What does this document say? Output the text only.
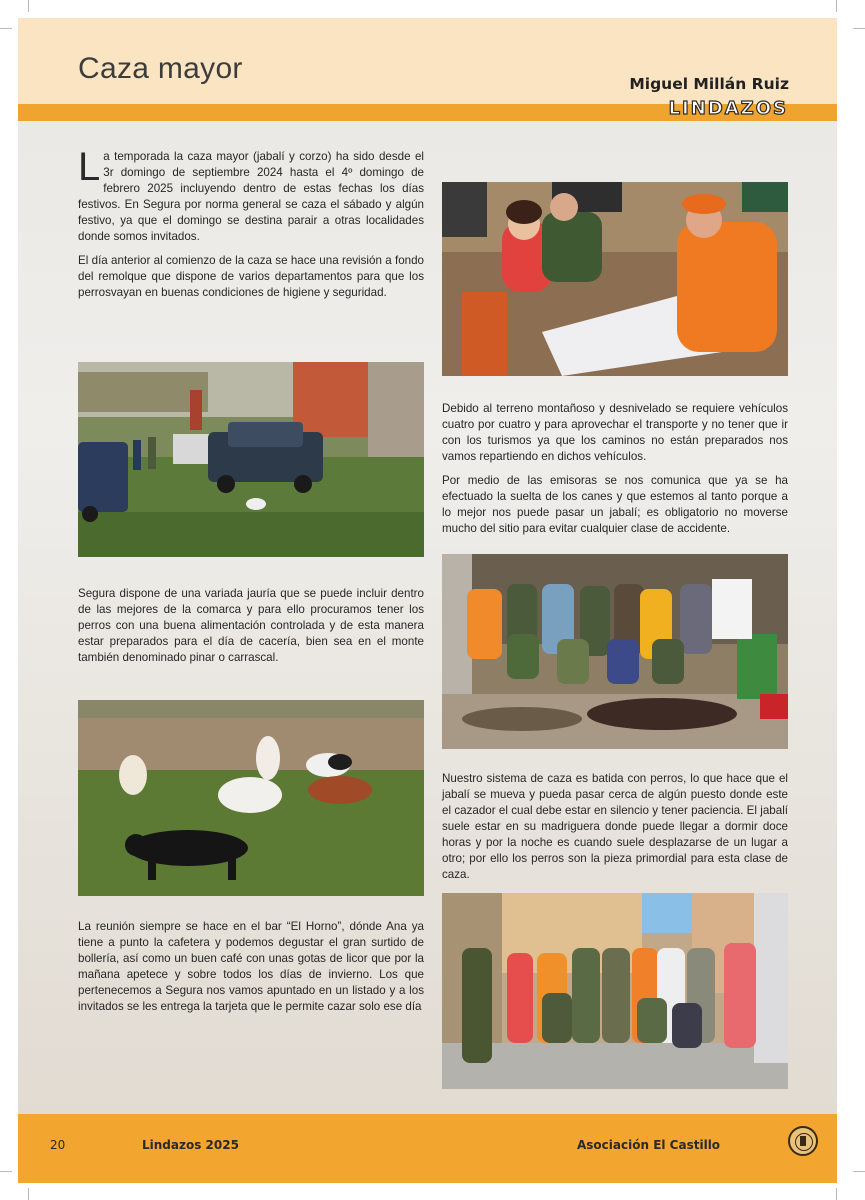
Caza mayor	Miguel Millán Ruiz
LINDAZOS

La temporada la caza mayor (jabalí y corzo) ha sido desde el 3r domingo de septiembre 2024 hasta el 4º domingo de febrero 2025 incluyendo dentro de estas fechas los días festivos. En Segura por norma general se caza el sábado y algún festivo, ya que el domingo se destina parair a otras localidades donde somos invitados.

El día anterior al comienzo de la caza se hace una revisión a fondo del remolque que dispone de varios departamentos para que los perrosvayan en buenas condiciones de higiene y seguridad.

Segura dispone de una variada jauría que se puede incluir dentro de las mejores de la comarca y para ello procuramos tener los perros con una buena alimentación controlada y de esta manera estar preparados para el día de cacería, bien sea en el monte también denominado pinar o carrascal.

La reunión siempre se hace en el bar “El Horno”, dónde Ana ya tiene a punto la cafetera y podemos degustar el gran surtido de bollería, así como un buen café con unas gotas de licor que por la mañana apetece y sobre todos los días de invierno. Los que pertenecemos a Segura nos vamos apuntado en un listado y a los invitados se les entrega la tarjeta que le permite cazar solo ese día

Debido al terreno montañoso y desnivelado se requiere vehículos cuatro por cuatro y para aprovechar el transporte y no tener que ir con los turismos ya que los caminos no están preparados nos vamos repartiendo en dichos vehículos.

Por medio de las emisoras se nos comunica que ya se ha efectuado la suelta de los canes y que estemos al tanto porque a lo mejor nos puede pasar un jabalí; es obligatorio no moverse mucho del sitio para evitar cualquier clase de accidente.

Nuestro sistema de caza es batida con perros, lo que hace que el jabalí se mueva y pueda pasar cerca de algún puesto donde este el cazador el cual debe estar en silencio y tener paciencia. El jabalí suele estar en su madriguera donde puede llegar a dormir doce horas y por la noche es cuando suele desplazarse de un lugar a otro; por ello los perros son la pieza primordial para esta clase de caza.

20	Lindazos 2025	Asociación El Castillo
